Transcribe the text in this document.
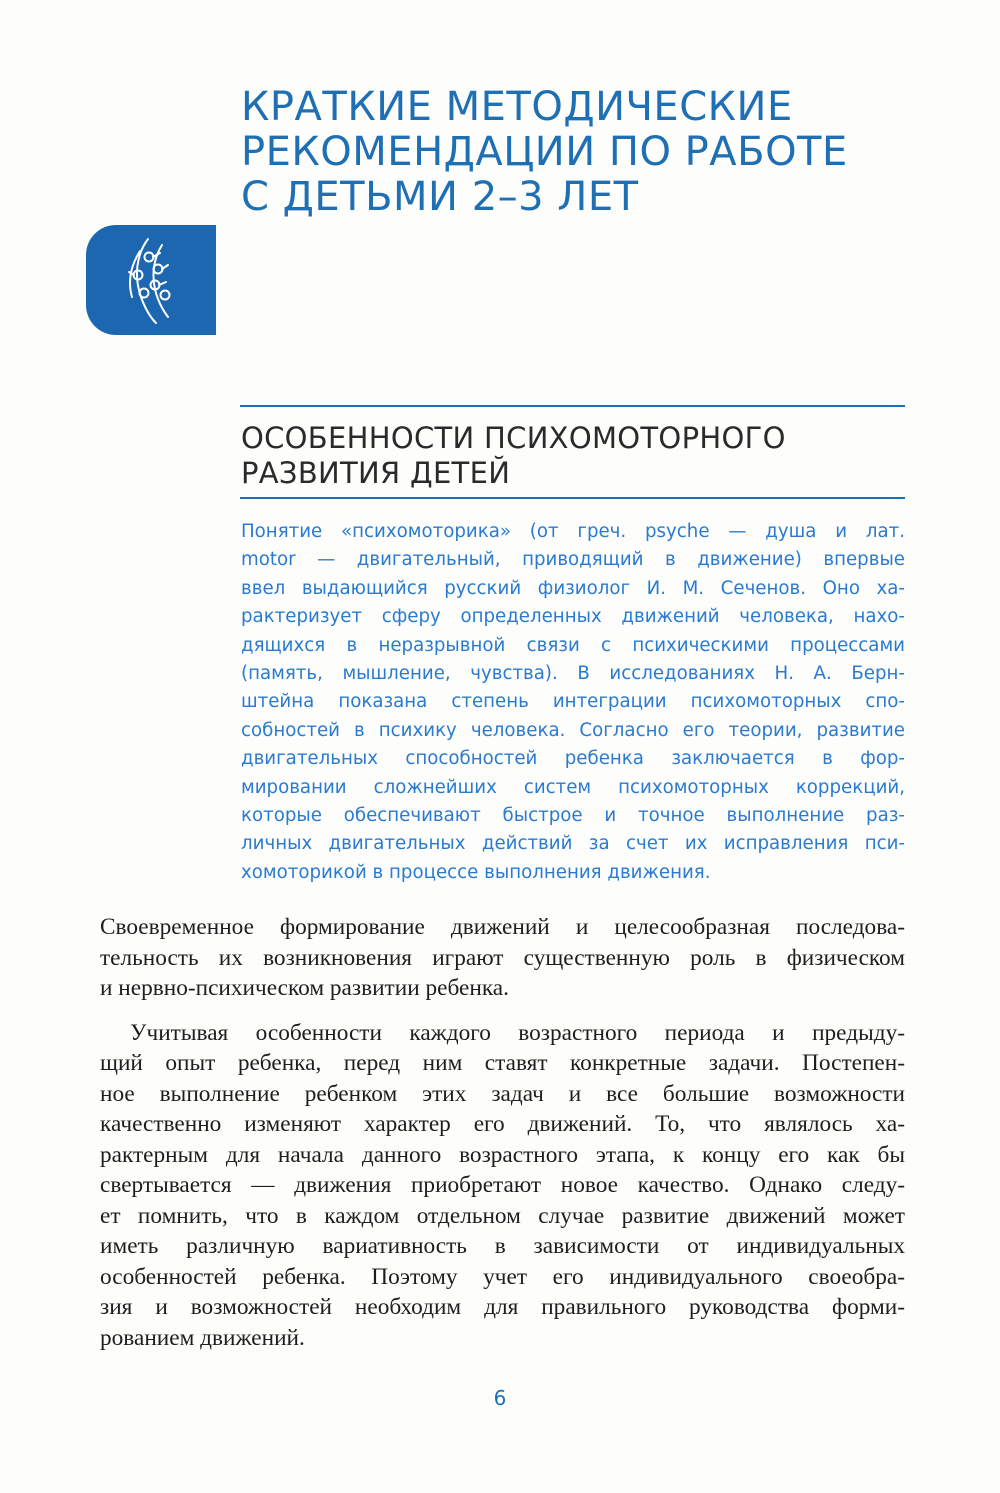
КРАТКИЕ МЕТОДИЧЕСКИЕ
РЕКОМЕНДАЦИИ ПО РАБОТЕ
С ДЕТЬМИ 2–3 ЛЕТ
ОСОБЕННОСТИ ПСИХОМОТОРНОГО
РАЗВИТИЯ ДЕТЕЙ
Понятие «психомоторика» (от греч. psyche — душа и лат.
motor — двигательный, приводящий в движение) впервые
ввел выдающийся русский физиолог И. М. Сеченов. Оно ха-
рактеризует сферу определенных движений человека, нахо-
дящихся в неразрывной связи с психическими процессами
(память, мышление, чувства). В исследованиях Н. А. Берн-
штейна показана степень интеграции психомоторных спо-
собностей в психику человека. Согласно его теории, развитие
двигательных способностей ребенка заключается в фор-
мировании сложнейших систем психомоторных коррекций,
которые обеспечивают быстрое и точное выполнение раз-
личных двигательных действий за счет их исправления пси-
хомоторикой в процессе выполнения движения.

Своевременное формирование движений и целесообразная последова-
тельность их возникновения играют существенную роль в физическом
и нервно-психическом развитии ребенка.

Учитывая особенности каждого возрастного периода и предыду-
щий опыт ребенка, перед ним ставят конкретные задачи. Постепен-
ное выполнение ребенком этих задач и все большие возможности
качественно изменяют характер его движений. То, что являлось ха-
рактерным для начала данного возрастного этапа, к концу его как бы
свертывается — движения приобретают новое качество. Однако следу-
ет помнить, что в каждом отдельном случае развитие движений может
иметь различную вариативность в зависимости от индивидуальных
особенностей ребенка. Поэтому учет его индивидуального своеобра-
зия и возможностей необходим для правильного руководства форми-
рованием движений.

6
